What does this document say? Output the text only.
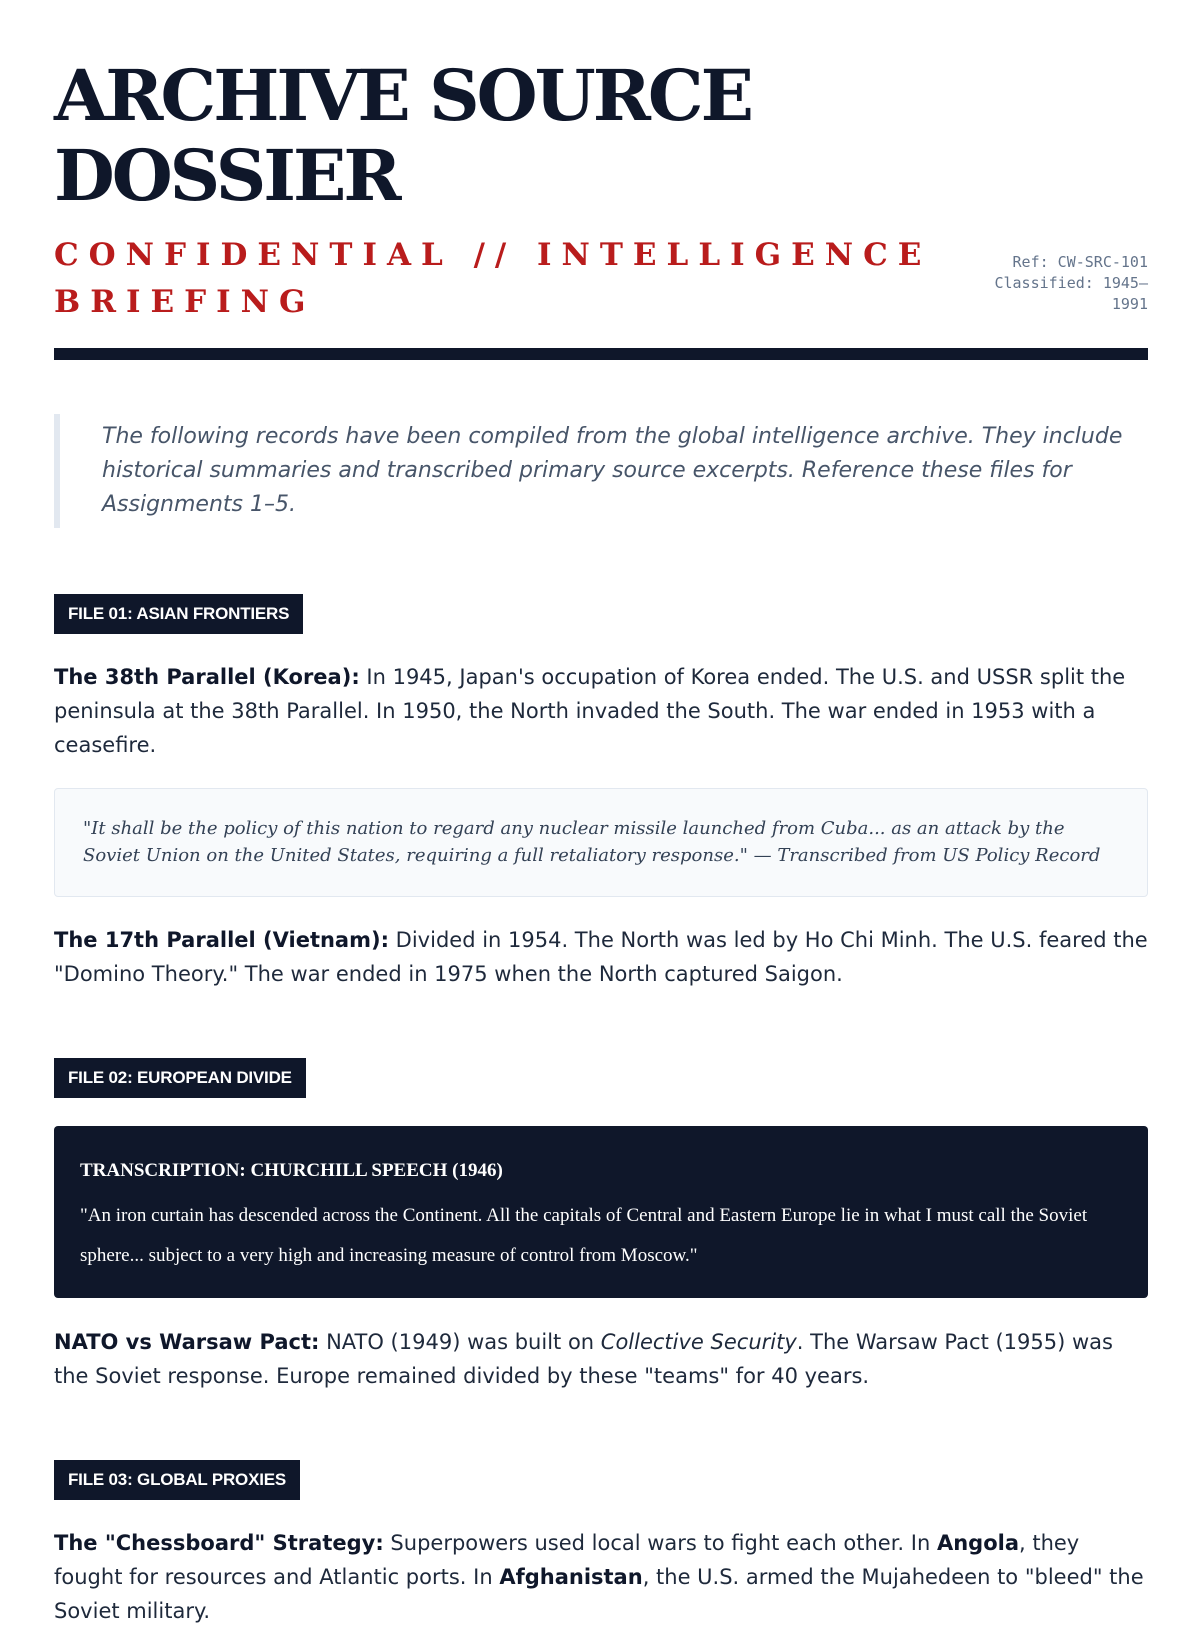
ARCHIVE SOURCE DOSSIER

CONFIDENTIAL // INTELLIGENCE BRIEFING

Ref: CW-SRC-101
Classified: 1945–1991
The following records have been compiled from the global intelligence archive. They include historical summaries and transcribed primary source excerpts. Reference these files for Assignments 1–5.
FILE 01: ASIAN FRONTIERS

The 38th Parallel (Korea): In 1945, Japan's occupation of Korea ended. The U.S. and USSR split the peninsula at the 38th Parallel. In 1950, the North invaded the South. The war ended in 1953 with a ceasefire.

"It shall be the policy of this nation to regard any nuclear missile launched from Cuba... as an attack by the Soviet Union on the United States, requiring a full retaliatory response." — Transcribed from US Policy Record

The 17th Parallel (Vietnam): Divided in 1954. The North was led by Ho Chi Minh. The U.S. feared the "Domino Theory." The war ended in 1975 when the North captured Saigon.

FILE 02: EUROPEAN DIVIDE

TRANSCRIPTION: CHURCHILL SPEECH (1946)

"An iron curtain has descended across the Continent. All the capitals of Central and Eastern Europe lie in what I must call the Soviet sphere... subject to a very high and increasing measure of control from Moscow."

NATO vs Warsaw Pact: NATO (1949) was built on Collective Security. The Warsaw Pact (1955) was the Soviet response. Europe remained divided by these "teams" for 40 years.

FILE 03: GLOBAL PROXIES

The "Chessboard" Strategy: Superpowers used local wars to fight each other. In Angola, they fought for resources and Atlantic ports. In Afghanistan, the U.S. armed the Mujahedeen to "bleed" the Soviet military.
